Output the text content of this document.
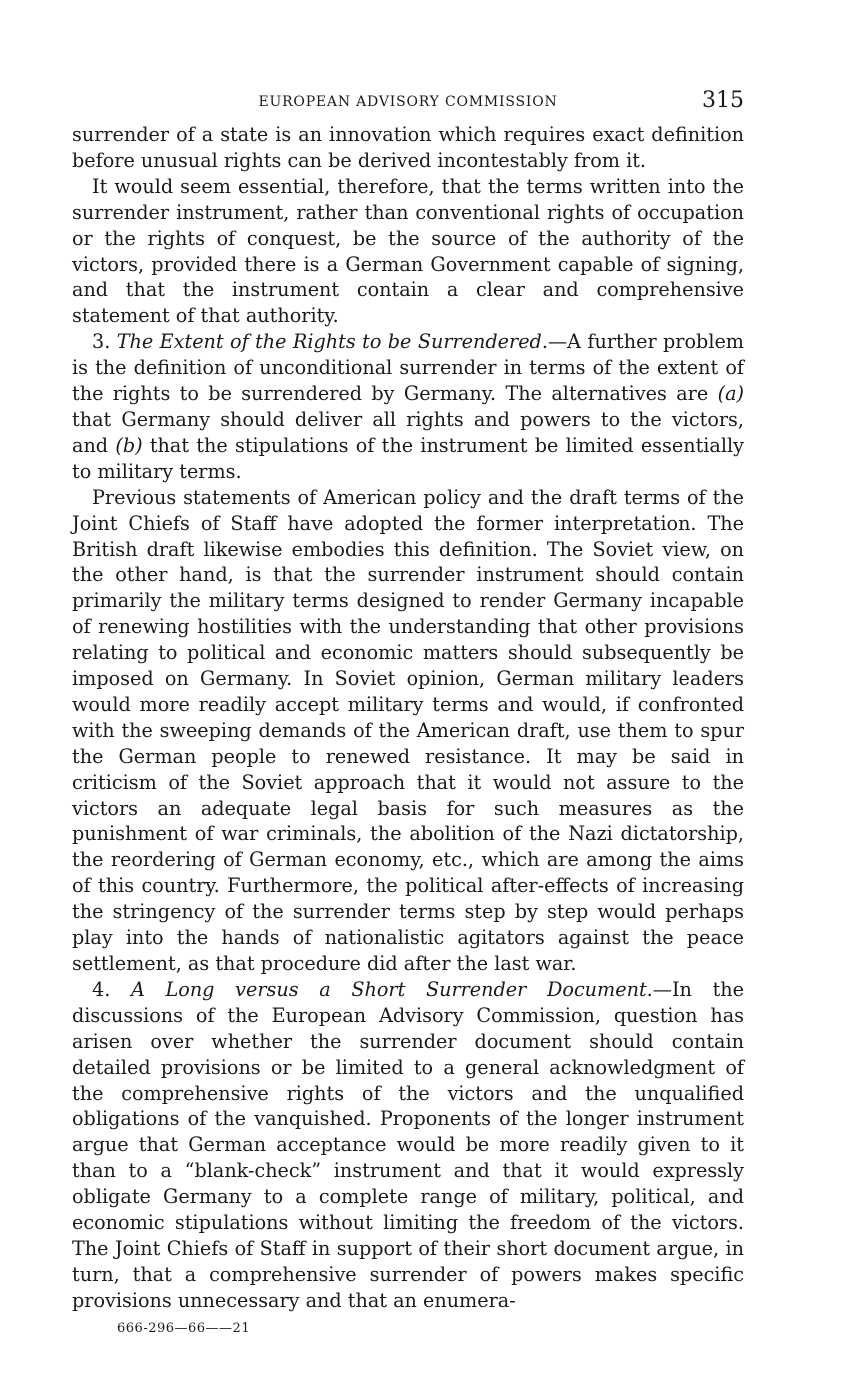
EUROPEAN ADVISORY COMMISSION	315

surrender of a state is an innovation which requires exact definition before unusual rights can be derived incontestably from it.

It would seem essential, therefore, that the terms written into the surrender instrument, rather than conventional rights of occupation or the rights of conquest, be the source of the authority of the victors, provided there is a German Government capable of signing, and that the instrument contain a clear and comprehensive statement of that authority.

3. The Extent of the Rights to be Surrendered.—A further problem is the definition of unconditional surrender in terms of the extent of the rights to be surrendered by Germany. The alternatives are (a) that Germany should deliver all rights and powers to the victors, and (b) that the stipulations of the instrument be limited essentially to military terms.

Previous statements of American policy and the draft terms of the Joint Chiefs of Staff have adopted the former interpretation. The British draft likewise embodies this definition. The Soviet view, on the other hand, is that the surrender instrument should contain primarily the military terms designed to render Germany incapable of renewing hostilities with the understanding that other provisions relating to political and economic matters should subsequently be imposed on Germany. In Soviet opinion, German military leaders would more readily accept military terms and would, if confronted with the sweeping demands of the American draft, use them to spur the German people to renewed resistance. It may be said in criticism of the Soviet approach that it would not assure to the victors an adequate legal basis for such measures as the punishment of war criminals, the abolition of the Nazi dictatorship, the reordering of German economy, etc., which are among the aims of this country. Furthermore, the political after-effects of increasing the stringency of the surrender terms step by step would perhaps play into the hands of nationalistic agitators against the peace settlement, as that procedure did after the last war.

4. A Long versus a Short Surrender Document.—In the discussions of the European Advisory Commission, question has arisen over whether the surrender document should contain detailed provisions or be limited to a general acknowledgment of the comprehensive rights of the victors and the unqualified obligations of the vanquished. Proponents of the longer instrument argue that German acceptance would be more readily given to it than to a “blank-check” instrument and that it would expressly obligate Germany to a complete range of military, political, and economic stipulations without limiting the freedom of the victors. The Joint Chiefs of Staff in support of their short document argue, in turn, that a comprehensive surrender of powers makes specific provisions unnecessary and that an enumera-

666-296—66——21
